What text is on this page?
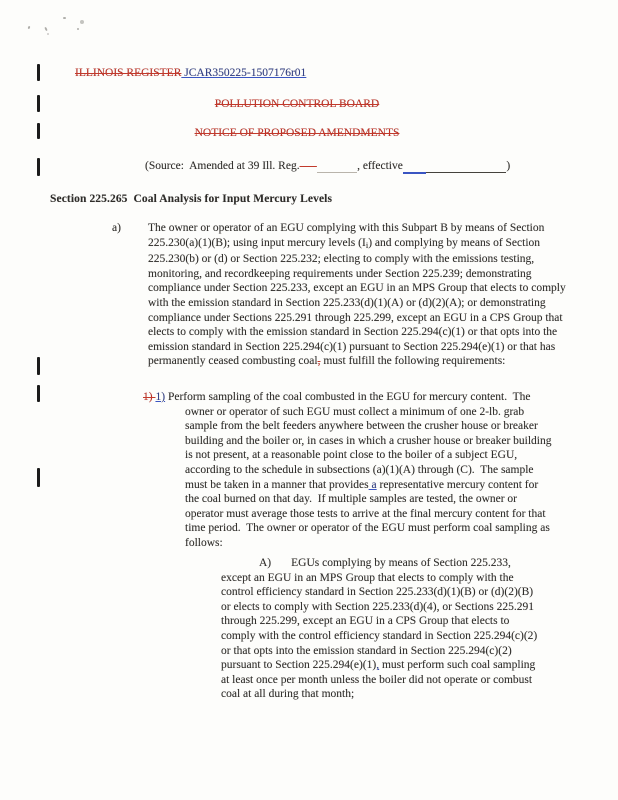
ILLINOIS REGISTER JCAR350225-1507176r01
POLLUTION CONTROL BOARD
NOTICE OF PROPOSED AMENDMENTS
(Source:  Amended at 39 Ill. Reg.	, effective	)
Section 225.265  Coal Analysis for Input Mercury Levels
a) The owner or operator of an EGU complying with this Subpart B by means of Section 225.230(a)(1)(B); using input mercury levels (Ii) and complying by means of Section 225.230(b) or (d) or Section 225.232; electing to comply with the emissions testing, monitoring, and recordkeeping requirements under Section 225.239; demonstrating compliance under Section 225.233, except an EGU in an MPS Group that elects to comply with the emission standard in Section 225.233(d)(1)(A) or (d)(2)(A); or demonstrating compliance under Sections 225.291 through 225.299, except an EGU in a CPS Group that elects to comply with the emission standard in Section 225.294(c)(1) or that opts into the emission standard in Section 225.294(c)(1) pursuant to Section 225.294(e)(1) or that has permanently ceased combusting coal, must fulfill the following requirements:
1) 1) Perform sampling of the coal combusted in the EGU for mercury content.  The owner or operator of such EGU must collect a minimum of one 2-lb. grab sample from the belt feeders anywhere between the crusher house or breaker building and the boiler or, in cases in which a crusher house or breaker building is not present, at a reasonable point close to the boiler of a subject EGU, according to the schedule in subsections (a)(1)(A) through (C).  The sample must be taken in a manner that provides a representative mercury content for the coal burned on that day.  If multiple samples are tested, the owner or operator must average those tests to arrive at the final mercury content for that time period.  The owner or operator of the EGU must perform coal sampling as follows:
A) EGUs complying by means of Section 225.233, except an EGU in an MPS Group that elects to comply with the control efficiency standard in Section 225.233(d)(1)(B) or (d)(2)(B) or elects to comply with Section 225.233(d)(4), or Sections 225.291 through 225.299, except an EGU in a CPS Group that elects to comply with the control efficiency standard in Section 225.294(c)(2) or that opts into the emission standard in Section 225.294(c)(2) pursuant to Section 225.294(e)(1), must perform such coal sampling at least once per month unless the boiler did not operate or combust coal at all during that month;
